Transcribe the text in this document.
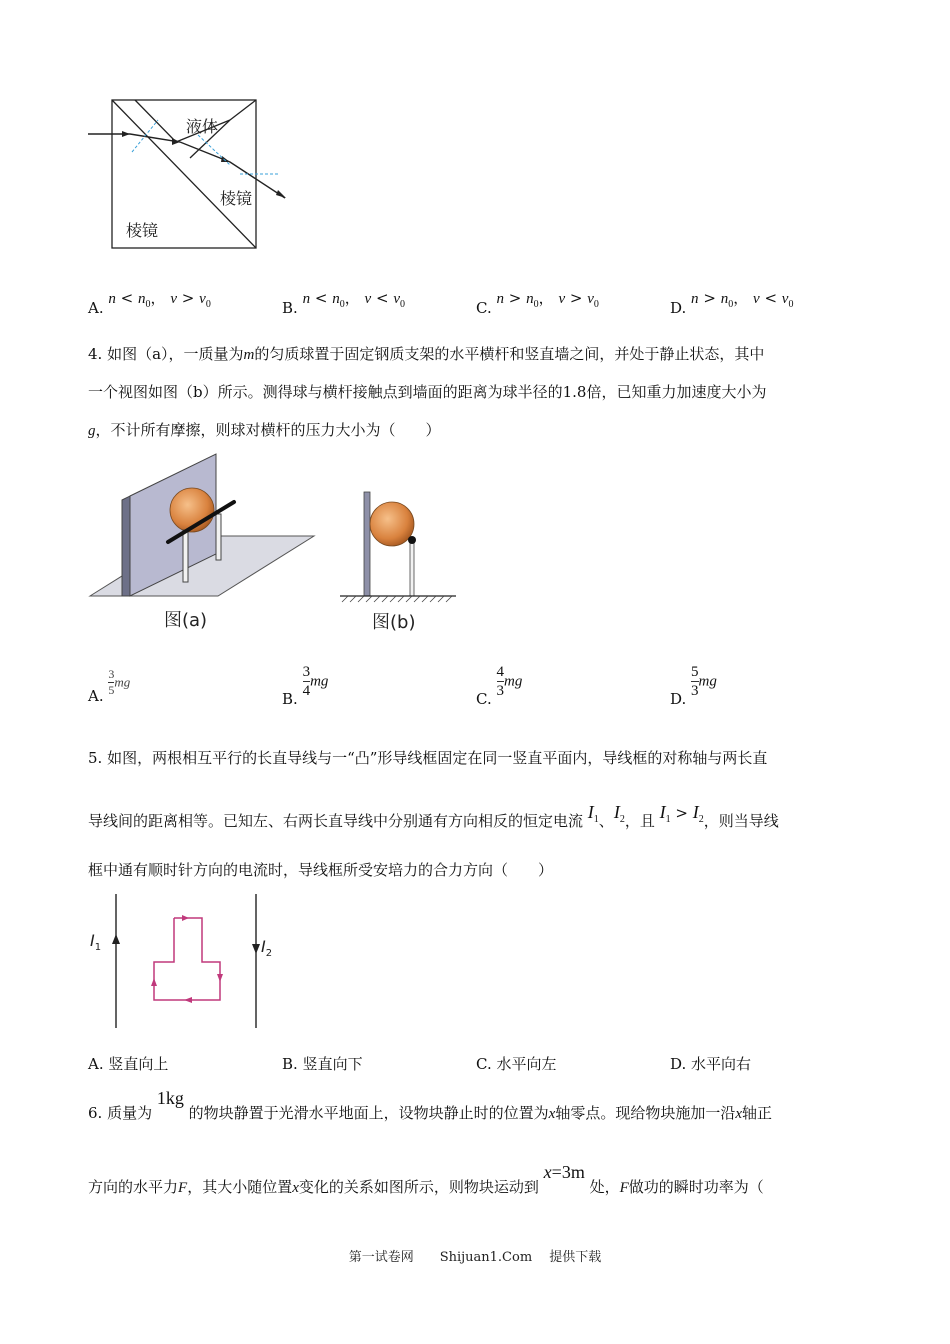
液体
棱镜
棱镜
A. $n < n_0$， $v > v_0$	B. $n < n_0$， $v < v_0$	C. $n > n_0$， $v > v_0$	D. $n > n_0$， $v < v_0$
4. 如图（a），一质量为m的匀质球置于固定钢质支架的水平横杆和竖直墙之间，并处于静止状态，其中
一个视图如图（b）所示。测得球与横杆接触点到墙面的距离为球半径的1.8倍，已知重力加速度大小为
g，不计所有摩擦，则球对横杆的压力大小为（　　）
图(a)	图(b)
A. $\frac{3}{5}$ mg
B. $\frac{3}{4}$ mg
C. $\frac{4}{3}$ mg
D. $\frac{5}{3}$ mg
5. 如图，两根相互平行的长直导线与一“凸”形导线框固定在同一竖直平面内，导线框的对称轴与两长直
导线间的距离相等。已知左、右两长直导线中分别通有方向相反的恒定电流 $I_1$、$I_2$，且 $I_1 > I_2$，则当导线
框中通有顺时针方向的电流时，导线框所受安培力的合力方向（　　）
$I_1$	$I_2$
A. 竖直向上	B. 竖直向下	C. 水平向左	D. 水平向右
6. 质量为 1kg 的物块静置于光滑水平地面上，设物块静止时的位置为x轴零点。现给物块施加一沿x轴正
方向的水平力F，其大小随位置x变化的关系如图所示，则物块运动到 x=3m 处，F做功的瞬时功率为（
第一试卷网　　Shijuan1.Com　 提供下载
